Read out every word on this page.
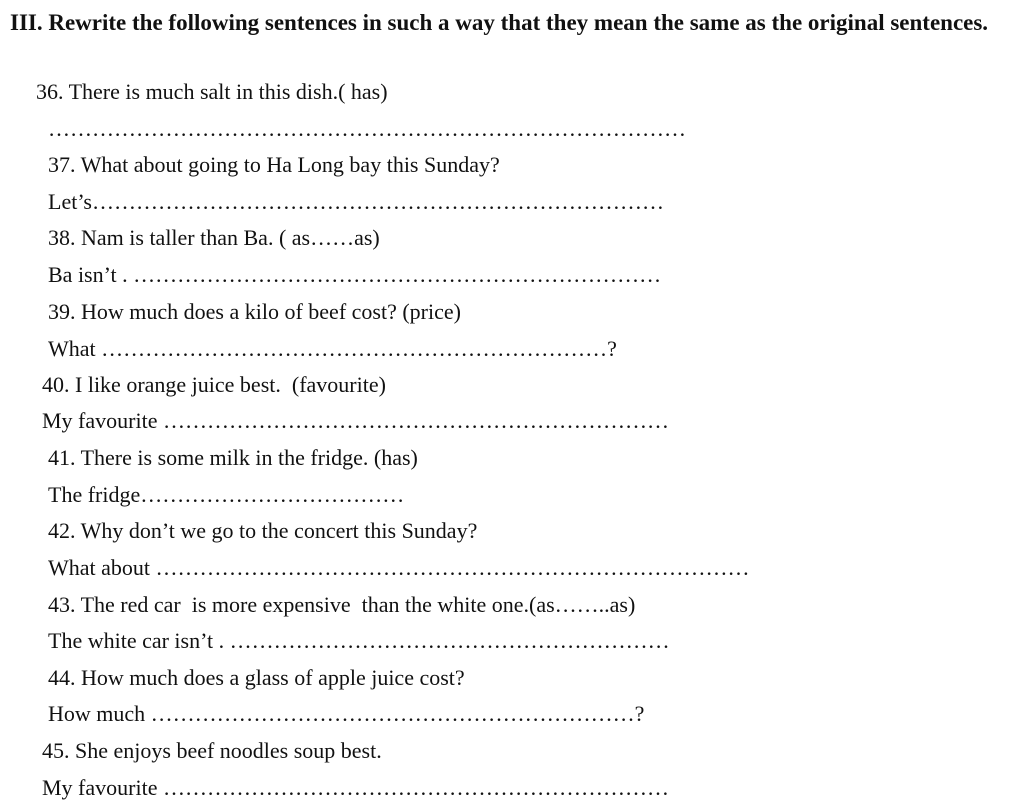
III. Rewrite the following sentences in such a way that they mean the same as the original sentences.
36. There is much salt in this dish.( has)
……………………………………………………………………………
37. What about going to Ha Long bay this Sunday?
Let’s……………………………………………………………………
38. Nam is taller than Ba. ( as……as)
Ba isn’t . ………………………………………………………………
39. How much does a kilo of beef cost? (price)
What ……………………………………………………………?
40. I like orange juice best.  (favourite)
My favourite ……………………………………………………………
41. There is some milk in the fridge. (has)
The fridge………………………………
42. Why don’t we go to the concert this Sunday?
What about ………………………………………………………………………
43. The red car  is more expensive  than the white one.(as……..as)
The white car isn’t . ……………………………………………………
44. How much does a glass of apple juice cost?
How much …………………………………………………………?
45. She enjoys beef noodles soup best.
My favourite ……………………………………………………………
